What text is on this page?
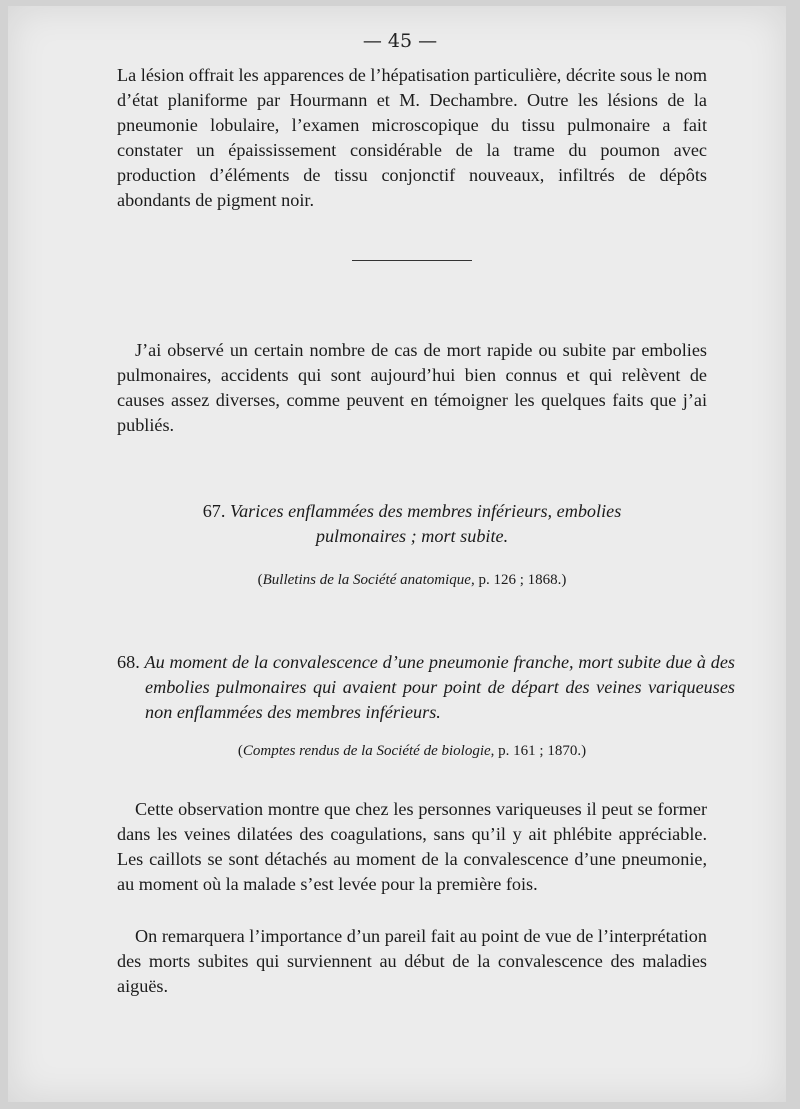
— 45 —

La lésion offrait les apparences de l’hépatisation particulière, décrite sous le nom d’état planiforme par Hourmann et M. Dechambre. Outre les lésions de la pneumonie lobulaire, l’examen microscopique du tissu pulmonaire a fait constater un épaississement considérable de la trame du poumon avec production d’éléments de tissu conjonctif nouveaux, infiltrés de dépôts abondants de pigment noir.

J’ai observé un certain nombre de cas de mort rapide ou subite par embolies pulmonaires, accidents qui sont aujourd’hui bien connus et qui relèvent de causes assez diverses, comme peuvent en témoigner les quelques faits que j’ai publiés.

67. Varices enflammées des membres inférieurs, embolies pulmonaires ; mort subite.

(Bulletins de la Société anatomique, p. 126 ; 1868.)

68. Au moment de la convalescence d’une pneumonie franche, mort subite due à des embolies pulmonaires qui avaient pour point de départ des veines variqueuses non enflammées des membres inférieurs.

(Comptes rendus de la Société de biologie, p. 161 ; 1870.)

Cette observation montre que chez les personnes variqueuses il peut se former dans les veines dilatées des coagulations, sans qu’il y ait phlébite appréciable. Les caillots se sont détachés au moment de la convalescence d’une pneumonie, au moment où la malade s’est levée pour la première fois.

On remarquera l’importance d’un pareil fait au point de vue de l’interprétation des morts subites qui surviennent au début de la convalescence des maladies aiguës.
